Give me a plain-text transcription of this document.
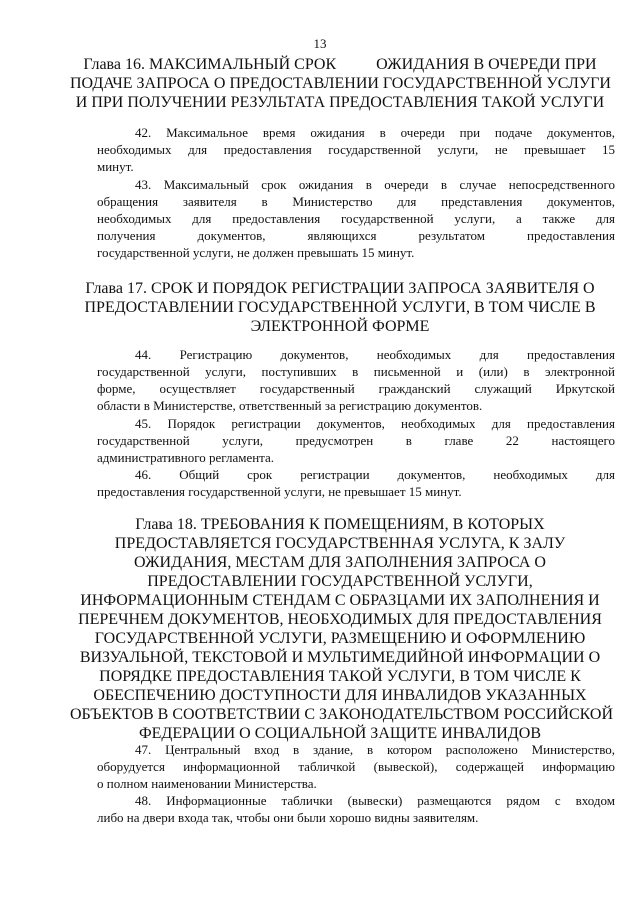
13
Глава 16. МАКСИМАЛЬНЫЙ СРОК          ОЖИДАНИЯ В ОЧЕРЕДИ ПРИ
ПОДАЧЕ ЗАПРОСА О ПРЕДОСТАВЛЕНИИ ГОСУДАРСТВЕННОЙ УСЛУГИ
И ПРИ ПОЛУЧЕНИИ РЕЗУЛЬТАТА ПРЕДОСТАВЛЕНИЯ ТАКОЙ УСЛУГИ

42. Максимальное время ожидания в очереди при подаче документов,
необходимых для предоставления государственной услуги, не превышает 15
минут.

43. Максимальный срок ожидания в очереди в случае непосредственного
обращения заявителя в Министерство для представления документов,
необходимых для предоставления государственной услуги, а также для
получения документов, являющихся результатом предоставления
государственной услуги, не должен превышать 15 минут.

Глава 17. СРОК И ПОРЯДОК РЕГИСТРАЦИИ ЗАПРОСА ЗАЯВИТЕЛЯ О
ПРЕДОСТАВЛЕНИИ ГОСУДАРСТВЕННОЙ УСЛУГИ, В ТОМ ЧИСЛЕ В
ЭЛЕКТРОННОЙ ФОРМЕ

44. Регистрацию документов, необходимых для предоставления
государственной услуги, поступивших в письменной и (или) в электронной
форме, осуществляет государственный гражданский служащий Иркутской
области в Министерстве, ответственный за регистрацию документов.

45. Порядок регистрации документов, необходимых для предоставления
государственной услуги, предусмотрен в главе 22 настоящего
административного регламента.

46. Общий срок регистрации документов, необходимых для
предоставления государственной услуги, не превышает 15 минут.

Глава 18. ТРЕБОВАНИЯ К ПОМЕЩЕНИЯМ, В КОТОРЫХ
ПРЕДОСТАВЛЯЕТСЯ ГОСУДАРСТВЕННАЯ УСЛУГА, К ЗАЛУ
ОЖИДАНИЯ, МЕСТАМ ДЛЯ ЗАПОЛНЕНИЯ ЗАПРОСА О
ПРЕДОСТАВЛЕНИИ ГОСУДАРСТВЕННОЙ УСЛУГИ,
ИНФОРМАЦИОННЫМ СТЕНДАМ С ОБРАЗЦАМИ ИХ ЗАПОЛНЕНИЯ И
ПЕРЕЧНЕМ ДОКУМЕНТОВ, НЕОБХОДИМЫХ ДЛЯ ПРЕДОСТАВЛЕНИЯ
ГОСУДАРСТВЕННОЙ УСЛУГИ, РАЗМЕЩЕНИЮ И ОФОРМЛЕНИЮ
ВИЗУАЛЬНОЙ, ТЕКСТОВОЙ И МУЛЬТИМЕДИЙНОЙ ИНФОРМАЦИИ О
ПОРЯДКЕ ПРЕДОСТАВЛЕНИЯ ТАКОЙ УСЛУГИ, В ТОМ ЧИСЛЕ К
ОБЕСПЕЧЕНИЮ ДОСТУПНОСТИ ДЛЯ ИНВАЛИДОВ УКАЗАННЫХ
ОБЪЕКТОВ В СООТВЕТСТВИИ С ЗАКОНОДАТЕЛЬСТВОМ РОССИЙСКОЙ
ФЕДЕРАЦИИ О СОЦИАЛЬНОЙ ЗАЩИТЕ ИНВАЛИДОВ

47. Центральный вход в здание, в котором расположено Министерство,
оборудуется информационной табличкой (вывеской), содержащей информацию
о полном наименовании Министерства.

48. Информационные таблички (вывески) размещаются рядом с входом
либо на двери входа так, чтобы они были хорошо видны заявителям.
